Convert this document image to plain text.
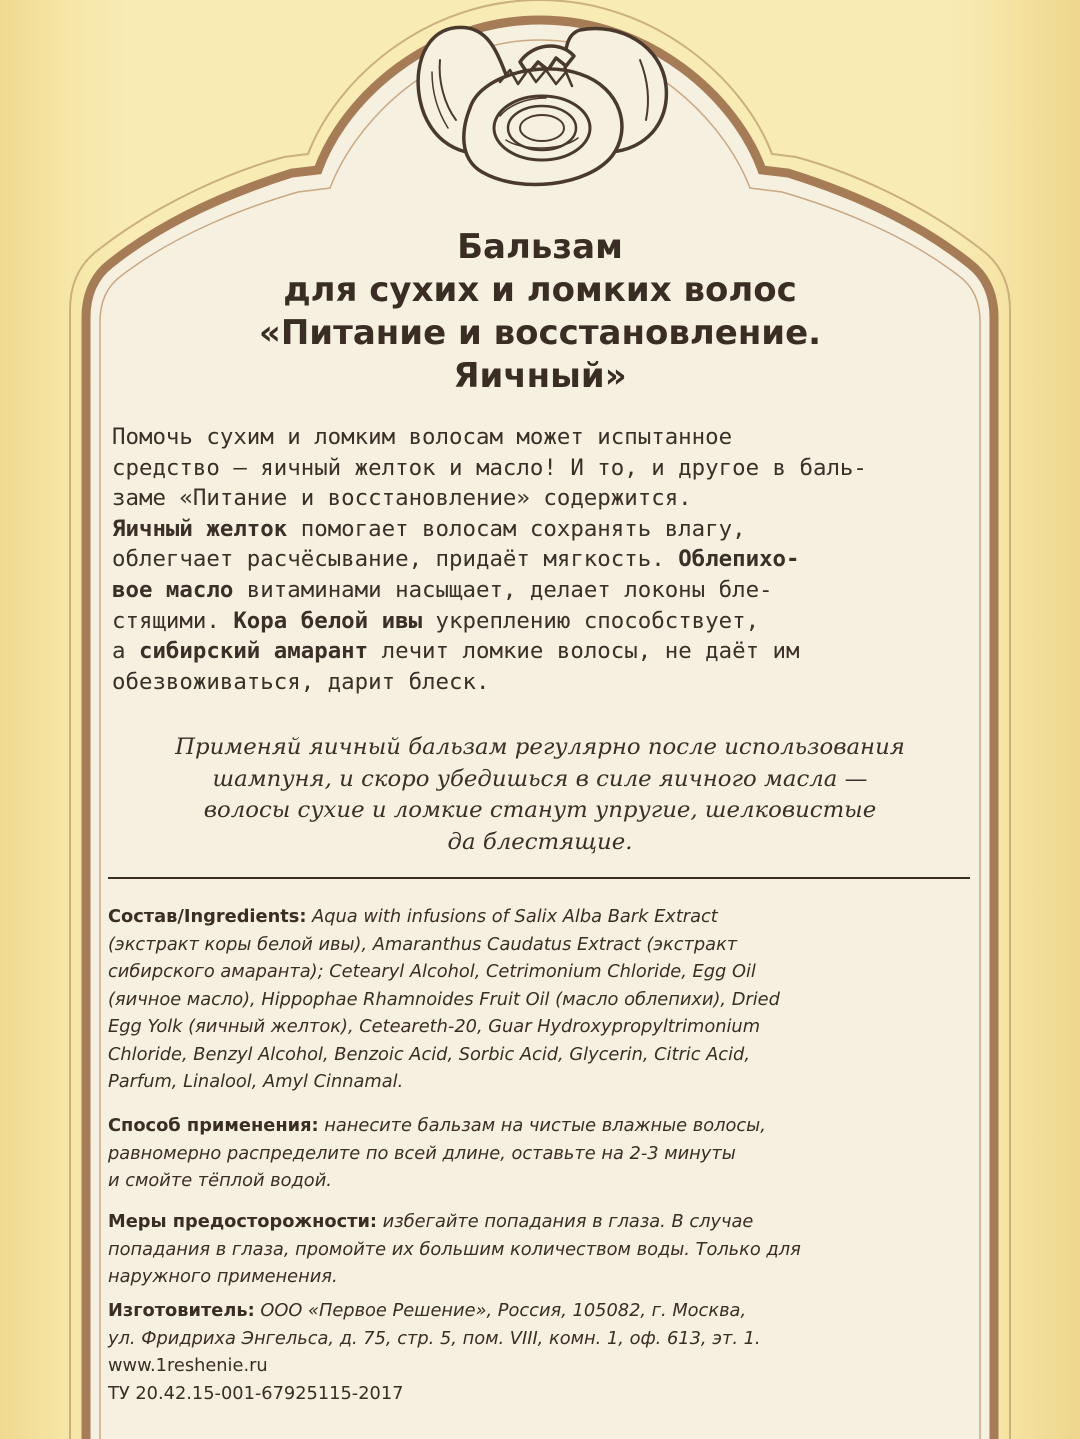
Бальзам
для сухих и ломких волос
«Питание и восстановление.
Яичный»
Помочь сухим и ломким волосам может испытанное
средство — яичный желток и масло! И то, и другое в баль-
заме «Питание и восстановление» содержится.
Яичный желток помогает волосам сохранять влагу,
облегчает расчёсывание, придаёт мягкость. Облепихо-
вое масло витаминами насыщает, делает локоны бле-
стящими. Кора белой ивы укреплению способствует,
а сибирский амарант лечит ломкие волосы, не даёт им
обезвоживаться, дарит блеск.
Применяй яичный бальзам регулярно после использования
шампуня, и скоро убедишься в силе яичного масла —
волосы сухие и ломкие станут упругие, шелковистые
да блестящие.
Состав/Ingredients: Aqua with infusions of Salix Alba Bark Extract
(экстракт коры белой ивы), Amaranthus Caudatus Extract (экстракт
сибирского амаранта); Ceteary‌l Alcohol, Cetrimonium Chloride, Egg Oil
(яичное масло), Hippophae Rhamnoides Fruit Oil (масло облепихи), Dried
Egg Yolk (яичный желток), Ceteareth-20, Guar Hydroxypropyltrimonium
Chloride, Benzyl Alcohol, Benzoic Acid, Sorbic Acid, Glycerin, Citric Acid,
Parfum, Linalool, Amyl Cinnamal.
Способ применения: нанесите бальзам на чистые влажные волосы,
равномерно распределите по всей длине, оставьте на 2-3 минуты
и смойте тёплой водой.
Меры предосторожности: избегайте попадания в глаза. В случае
попадания в глаза, промойте их большим количеством воды. Только для
наружного применения.
Изготовитель: ООО «Первое Решение», Россия, 105082, г. Москва,
ул. Фридриха Энгельса, д. 75, стр. 5, пом. VIII, комн. 1, оф. 613, эт. 1.
www.1reshenie.ru
ТУ 20.42.15-001-67925115-2017
